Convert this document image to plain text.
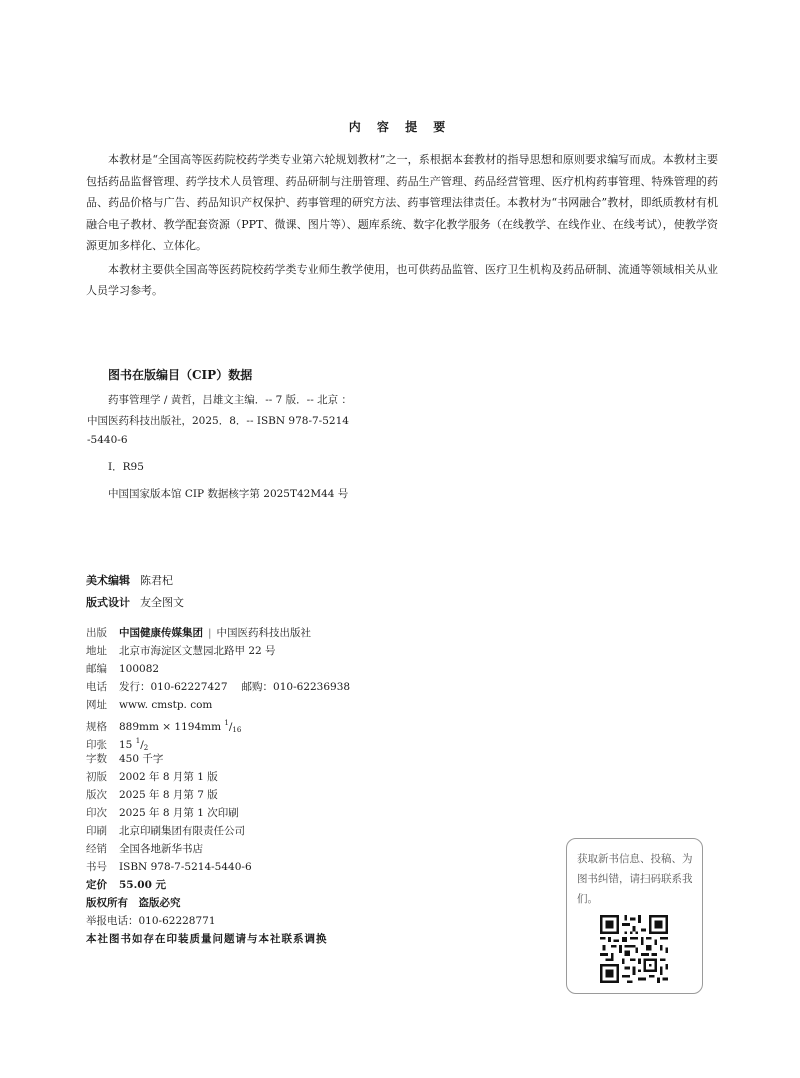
内 容 提 要

本教材是“全国高等医药院校药学类专业第六轮规划教材”之一，系根据本套教材的指导思想和原则要求编写而成。本教材主要包括药品监督管理、药学技术人员管理、药品研制与注册管理、药品生产管理、药品经营管理、医疗机构药事管理、特殊管理的药品、药品价格与广告、药品知识产权保护、药事管理的研究方法、药事管理法律责任。本教材为“书网融合”教材，即纸质教材有机融合电子教材、教学配套资源（PPT、微课、图片等）、题库系统、数字化教学服务（在线教学、在线作业、在线考试），使教学资源更加多样化、立体化。

本教材主要供全国高等医药院校药学类专业师生教学使用，也可供药品监管、医疗卫生机构及药品研制、流通等领域相关从业人员学习参考。

图书在版编目（CIP）数据
药事管理学 / 黄哲，吕雄文主编．-- 7 版．-- 北京 ：
中国医药科技出版社，2025．8．-- ISBN 978-7-5214
-5440-6
Ⅰ．R95
中国国家版本馆 CIP 数据核字第 2025T42M44 号
美术编辑 陈君杞
版式设计 友全图文
出版 中国健康传媒集团 | 中国医药科技出版社
地址 北京市海淀区文慧园北路甲 22 号
邮编 100082
电话 发行：010-62227427 邮购：010-62236938
网址 www. cmstp. com
规格 889mm × 1194mm $^1/_{16}$
印张 15 $^1/_2$
字数 450 千字
初版 2002 年 8 月第 1 版
版次 2025 年 8 月第 7 版
印次 2025 年 8 月第 1 次印刷
印刷 北京印刷集团有限责任公司
经销 全国各地新华书店
书号 ISBN 978-7-5214-5440-6
定价 55.00 元
版权所有　盗版必究
举报电话：010-62228771
本社图书如存在印装质量问题请与本社联系调换
获取新书信息、投稿、为图书纠错，请扫码联系我们。
